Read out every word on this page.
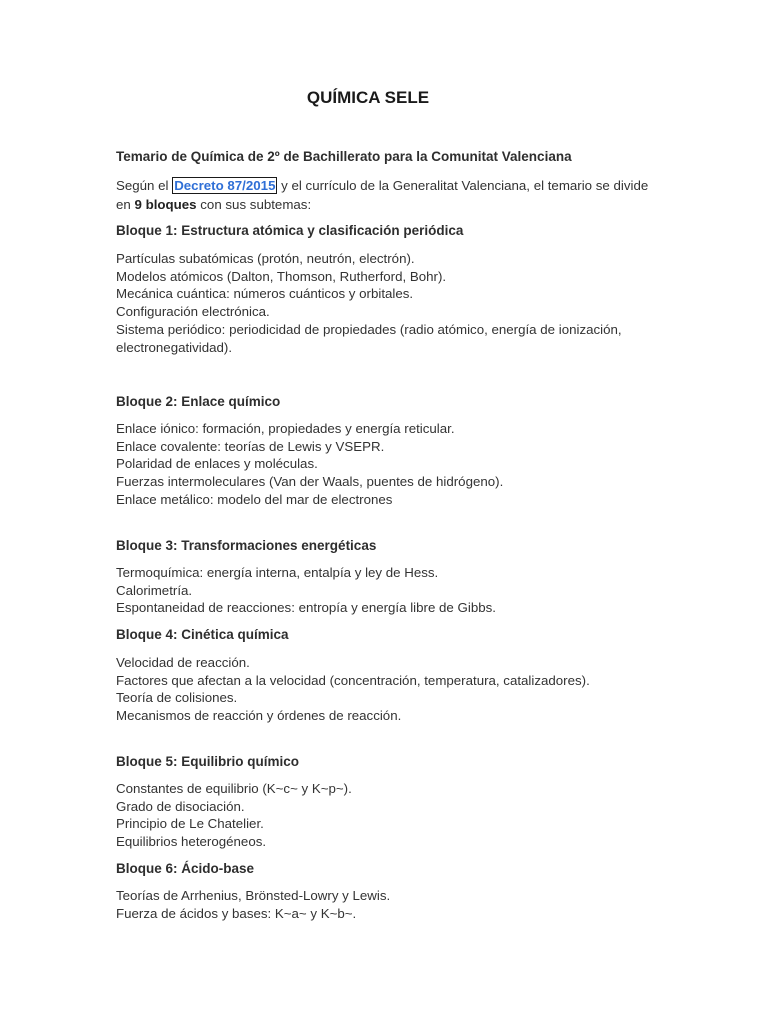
QUÍMICA SELE
Temario de Química de 2º de Bachillerato para la Comunitat Valenciana

Según el Decreto 87/2015 y el currículo de la Generalitat Valenciana, el temario se divide en 9 bloques con sus subtemas:

Bloque 1: Estructura atómica y clasificación periódica
Partículas subatómicas (protón, neutrón, electrón).
Modelos atómicos (Dalton, Thomson, Rutherford, Bohr).
Mecánica cuántica: números cuánticos y orbitales.
Configuración electrónica.
Sistema periódico: periodicidad de propiedades (radio atómico, energía de ionización, electronegatividad).
Bloque 2: Enlace químico
Enlace iónico: formación, propiedades y energía reticular.
Enlace covalente: teorías de Lewis y VSEPR.
Polaridad de enlaces y moléculas.
Fuerzas intermoleculares (Van der Waals, puentes de hidrógeno).
Enlace metálico: modelo del mar de electrones
Bloque 3: Transformaciones energéticas
Termoquímica: energía interna, entalpía y ley de Hess.
Calorimetría.
Espontaneidad de reacciones: entropía y energía libre de Gibbs.
Bloque 4: Cinética química
Velocidad de reacción.
Factores que afectan a la velocidad (concentración, temperatura, catalizadores).
Teoría de colisiones.
Mecanismos de reacción y órdenes de reacción.
Bloque 5: Equilibrio químico
Constantes de equilibrio (K~c~ y K~p~).
Grado de disociación.
Principio de Le Chatelier.
Equilibrios heterogéneos.
Bloque 6: Ácido-base
Teorías de Arrhenius, Brönsted-Lowry y Lewis.
Fuerza de ácidos y bases: K~a~ y K~b~.
